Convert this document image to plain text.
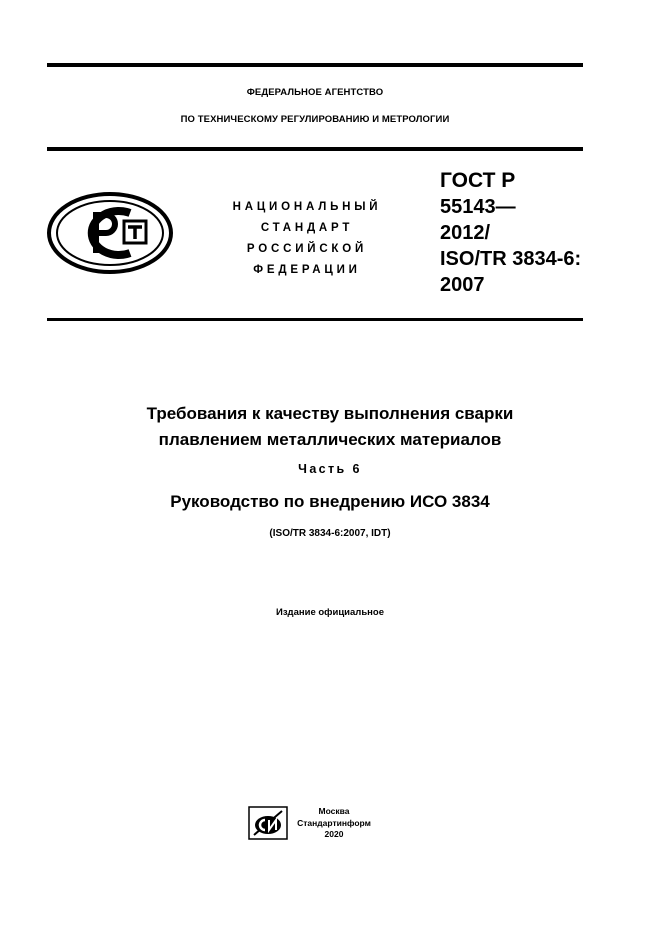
ФЕДЕРАЛЬНОЕ АГЕНТСТВО
ПО ТЕХНИЧЕСКОМУ РЕГУЛИРОВАНИЮ И МЕТРОЛОГИИ
НАЦИОНАЛЬНЫЙ
СТАНДАРТ
РОССИЙСКОЙ
ФЕДЕРАЦИИ
ГОСТ Р
55143—
2012/
ISO/TR 3834-6:
2007
Требования к качеству выполнения сварки
плавлением металлических материалов
Часть 6
Руководство по внедрению ИСО 3834
(ISO/TR 3834-6:2007, IDT)
Издание официальное
Москва
Стандартинформ
2020
